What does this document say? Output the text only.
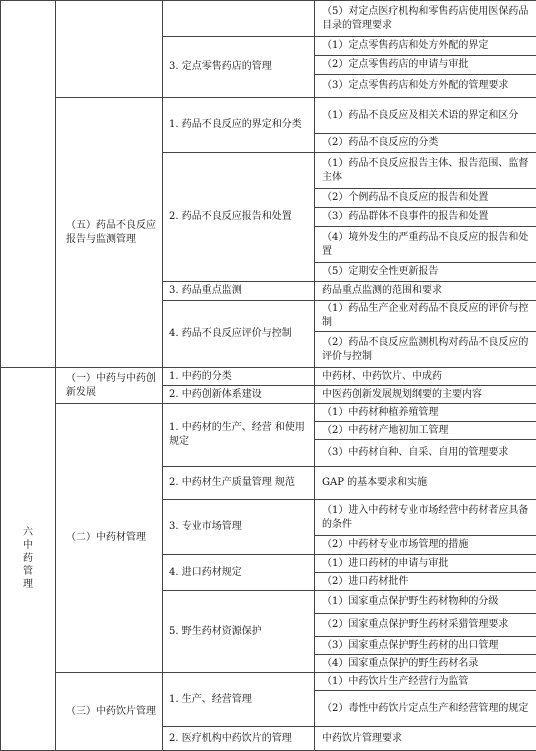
			（5）对定点医疗机构和零售药店使用医保药品目录的管理要求
		3. 定点零售药店的管理	（1）定点零售药店和处方外配的界定
			（2）定点零售药店的申请与审批
			（3）定点零售药店和处方外配的管理要求
	（五）药品不良反应报告与监测管理	1. 药品不良反应的界定和分类	（1）药品不良反应及相关术语的界定和区分
			（2）药品不良反应的分类
		2. 药品不良反应报告和处置	（1）药品不良反应报告主体、报告范围、监督主体
			（2）个例药品不良反应的报告和处置
			（3）药品群体不良事件的报告和处置
			（4）境外发生的严重药品不良反应的报告和处置
			（5）定期安全性更新报告
		3. 药品重点监测	药品重点监测的范围和要求
		4. 药品不良反应评价与控制	（1）药品生产企业对药品不良反应的评价与控制
			（2）药品不良反应监测机构对药品不良反应的评价与控制
六 中药管理	（一）中药与中药创新发展	1. 中药的分类	中药材、中药饮片、中成药
		2. 中药创新体系建设	中医药创新发展规划纲要的主要内容
	（二）中药材管理	1. 中药材的生产、经营 和使用规定	（1）中药材种植养殖管理
			（2）中药材产地初加工管理
			（3）中药材自种、自采、自用的管理要求
		2. 中药材生产质量管理 规范	GAP 的基本要求和实施
		3. 专业市场管理	（1）进入中药材专业市场经营中药材者应具备的条件
			（2）中药材专业市场管理的措施
		4. 进口药材规定	（1）进口药材的申请与审批
			（2）进口药材批件
		5. 野生药材资源保护	（1）国家重点保护野生药材物种的分级
			（2）国家重点保护野生药材采猎管理要求
			（3）国家重点保护野生药材的出口管理
			（4）国家重点保护的野生药材名录
	（三）中药饮片管理	1. 生产、经营管理	（1）中药饮片生产经营行为监管
			（2）毒性中药饮片定点生产和经营管理的规定
		2. 医疗机构中药饮片的管理	中药饮片管理要求
